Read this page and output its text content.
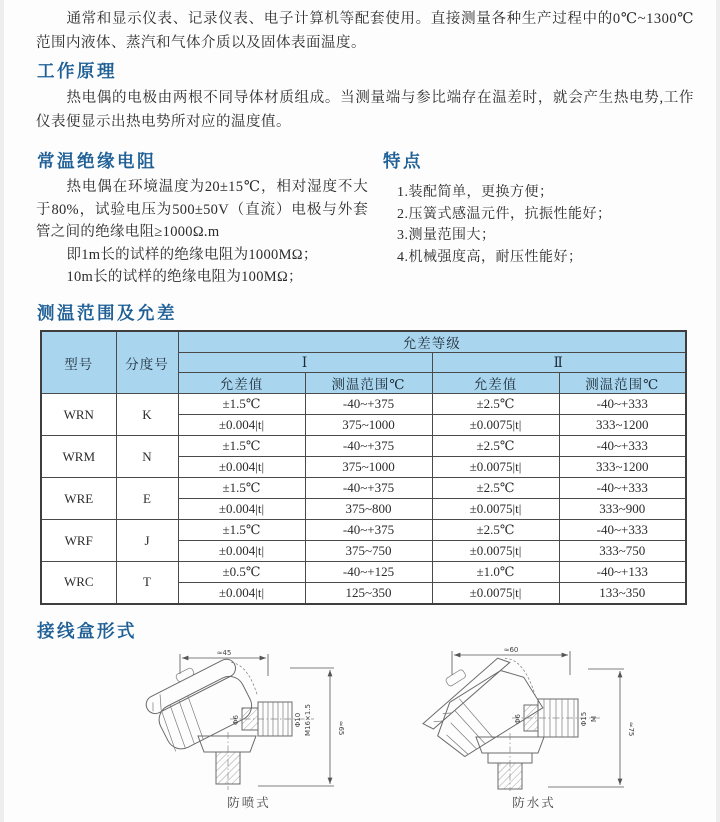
通常和显示仪表、记录仪表、电子计算机等配套使用。直接测量各种生产过程中的0℃~1300℃范围内液体、蒸汽和气体介质以及固体表面温度。

工作原理

热电偶的电极由两根不同导体材质组成。当测量端与参比端存在温差时，就会产生热电势,工作仪表便显示出热电势所对应的温度值。

常温绝缘电阻

热电偶在环境温度为20±15℃，相对湿度不大于80%，试验电压为500±50V（直流）电极与外套管之间的绝缘电阻≥1000Ω.m

即1m长的试样的绝缘电阻为1000MΩ；

10m长的试样的绝缘电阻为100MΩ；

特点
1.装配简单，更换方便；
2.压簧式感温元件，抗振性能好；
3.测量范围大；
4.机械强度高，耐压性能好；
测温范围及允差
型号	分度号	允差等级			
		Ⅰ		Ⅱ	
		允差值	测温范围℃	允差值	测温范围℃
WRN	K	±1.5℃	-40~+375	±2.5℃	-40~+333
		±0.004|t|	375~1000	±0.0075|t|	333~1200
WRM	N	±1.5℃	-40~+375	±2.5℃	-40~+333
		±0.004|t|	375~1000	±0.0075|t|	333~1200
WRE	E	±1.5℃	-40~+375	±2.5℃	-40~+333
		±0.004|t|	375~800	±0.0075|t|	333~900
WRF	J	±1.5℃	-40~+375	±2.5℃	-40~+333
		±0.004|t|	375~750	±0.0075|t|	333~750
WRC	T	±0.5℃	-40~+125	±1.0℃	-40~+133
		±0.004|t|	125~350	±0.0075|t|	133~350
接线盒形式
≈45
≈65
Φ6	Φ10 M16×1.5
防喷式
≈60
≈75
Φ6	Φ15 M
防水式
